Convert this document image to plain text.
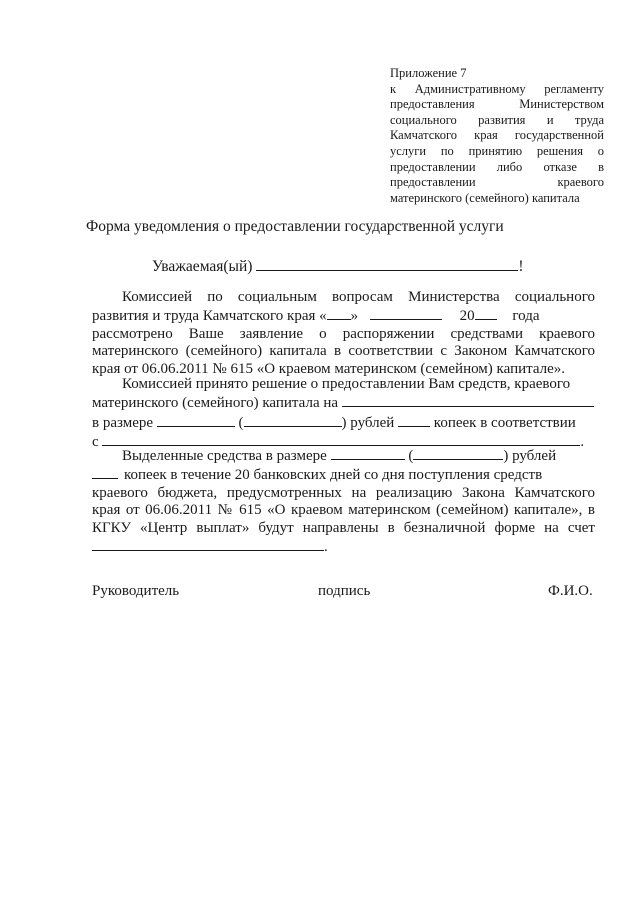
Приложение 7
к Административному регламенту
предоставления Министерством
социального развития и труда
Камчатского края государственной
услуги по принятию решения о
предоставлении либо отказе в
предоставлении краевого
материнского (семейного) капитала
Форма уведомления о предоставлении государственной услуги
Уважаемая(ый)	!
Комиссией по социальным вопросам Министерства социального
развития и труда Камчатского края « »	20	года
рассмотрено Ваше заявление о распоряжении средствами краевого
материнского (семейного) капитала в соответствии с Законом Камчатского
края от 06.06.2011 № 615 «О краевом материнском (семейном) капитале».
Комиссией принято решение о предоставлении Вам средств, краевого
материнского (семейного) капитала на
в размере	(	) рублей	копеек в соответствии
с	.
Выделенные средства в размере	(	) рублей
копеек в течение 20 банковских дней со дня поступления средств
краевого бюджета, предусмотренных на реализацию Закона Камчатского
края от 06.06.2011 № 615 «О краевом материнском (семейном) капитале», в
КГКУ «Центр выплат» будут направлены в безналичной форме на счет
.
Руководитель	подпись	Ф.И.О.
